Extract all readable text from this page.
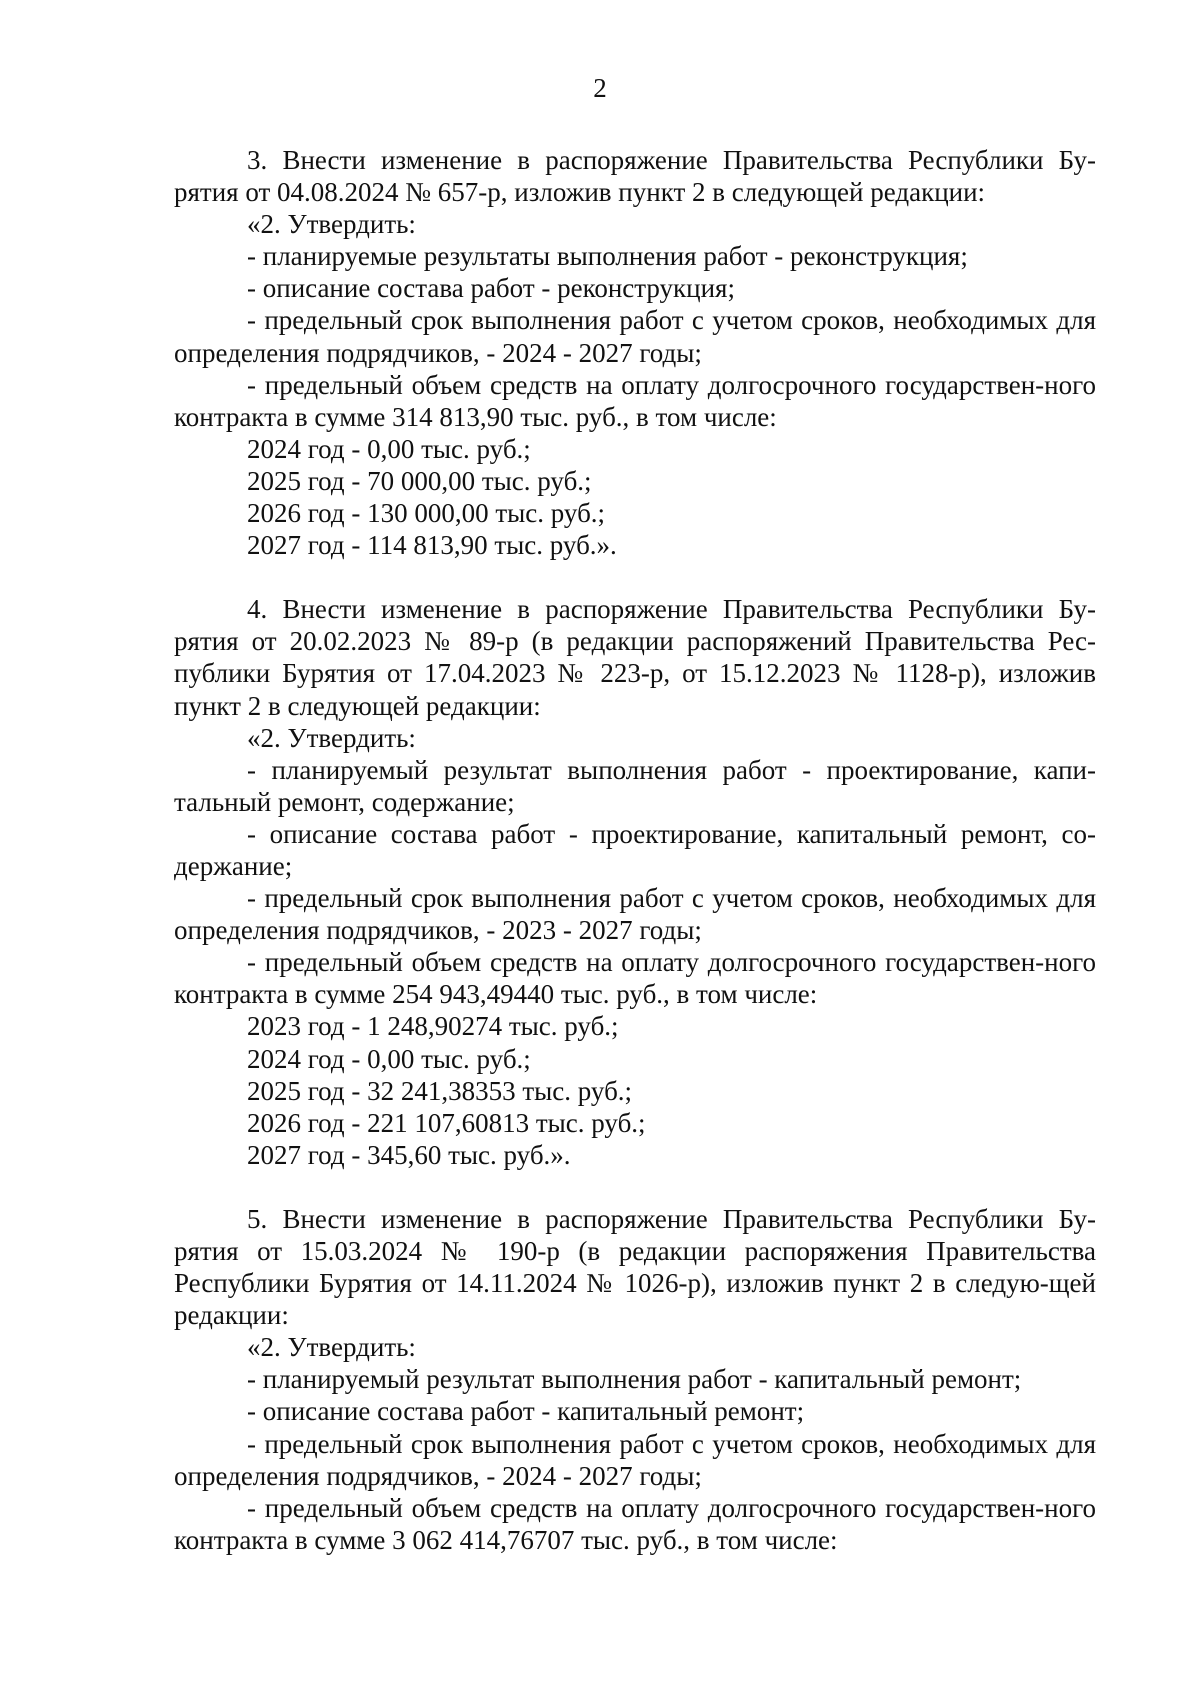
2

3. Внести изменение в распоряжение Правительства Республики Бу-рятия от 04.08.2024 № 657-р, изложив пункт 2 в следующей редакции:

«2. Утвердить:

- планируемые результаты выполнения работ - реконструкция;

- описание состава работ - реконструкция;

- предельный срок выполнения работ с учетом сроков, необходимых для определения подрядчиков, - 2024 - 2027 годы;

- предельный объем средств на оплату долгосрочного государствен-ного контракта в сумме 314 813,90 тыс. руб., в том числе:

2024 год - 0,00 тыс. руб.;

2025 год - 70 000,00 тыс. руб.;

2026 год - 130 000,00 тыс. руб.;

2027 год - 114 813,90 тыс. руб.».

4. Внести изменение в распоряжение Правительства Республики Бу-рятия от 20.02.2023 № 89-р (в редакции распоряжений Правительства Рес-публики Бурятия от 17.04.2023 № 223-р, от 15.12.2023 № 1128-р), изложив пункт 2 в следующей редакции:

«2. Утвердить:

- планируемый результат выполнения работ - проектирование, капи-тальный ремонт, содержание;

- описание состава работ - проектирование, капитальный ремонт, со-держание;

- предельный срок выполнения работ с учетом сроков, необходимых для определения подрядчиков, - 2023 - 2027 годы;

- предельный объем средств на оплату долгосрочного государствен-ного контракта в сумме 254 943,49440 тыс. руб., в том числе:

2023 год - 1 248,90274 тыс. руб.;

2024 год - 0,00 тыс. руб.;

2025 год - 32 241,38353 тыс. руб.;

2026 год - 221 107,60813 тыс. руб.;

2027 год - 345,60 тыс. руб.».

5. Внести изменение в распоряжение Правительства Республики Бу-рятия от 15.03.2024 № 190-р (в редакции распоряжения Правительства Республики Бурятия от 14.11.2024 № 1026-р), изложив пункт 2 в следую-щей редакции:

«2. Утвердить:

- планируемый результат выполнения работ - капитальный ремонт;

- описание состава работ - капитальный ремонт;

- предельный срок выполнения работ с учетом сроков, необходимых для определения подрядчиков, - 2024 - 2027 годы;

- предельный объем средств на оплату долгосрочного государствен-ного контракта в сумме 3 062 414,76707 тыс. руб., в том числе:
